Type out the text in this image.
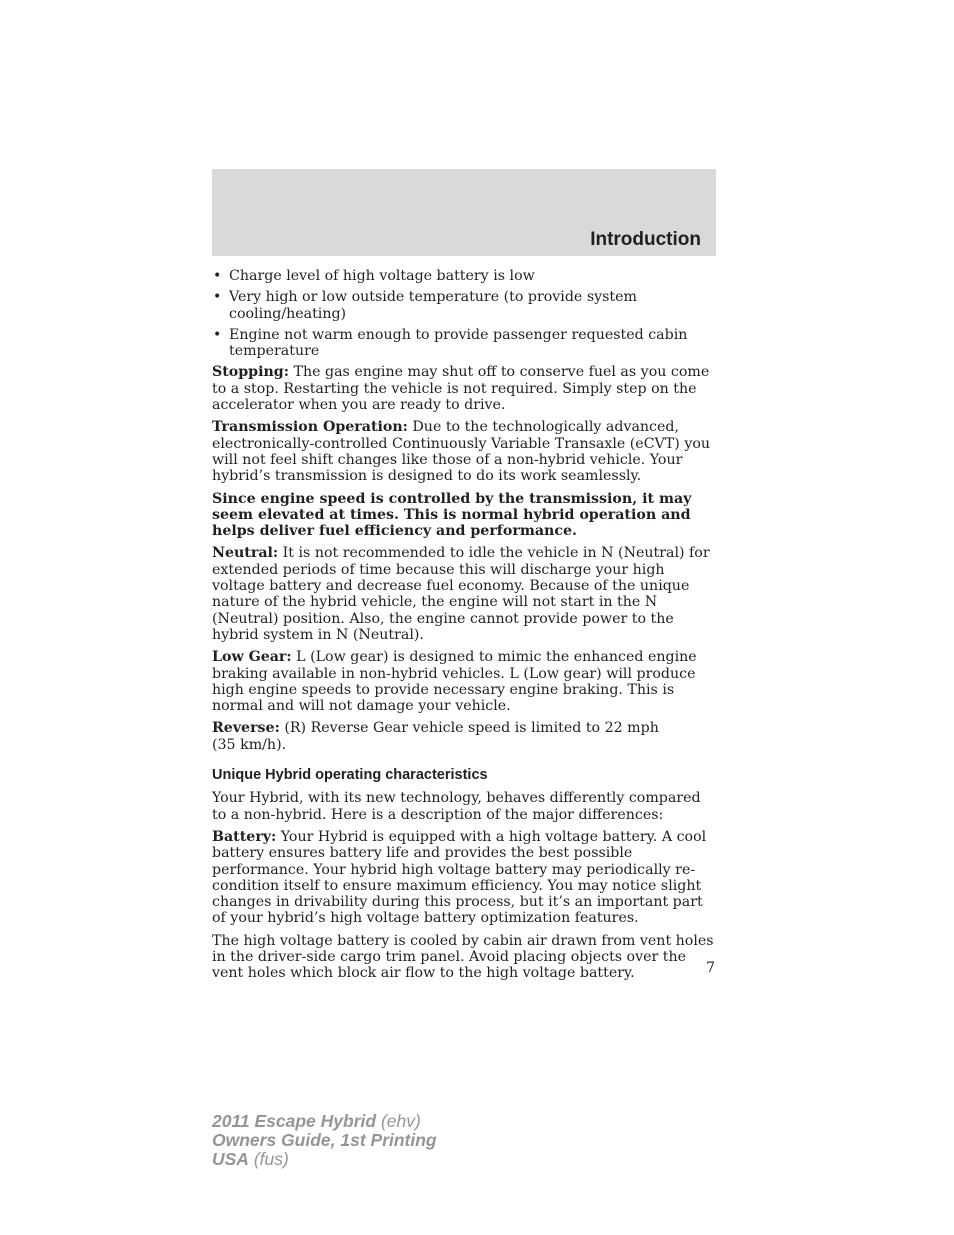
Introduction
• Charge level of high voltage battery is low
• Very high or low outside temperature (to provide system cooling/heating)
• Engine not warm enough to provide passenger requested cabin temperature

Stopping: The gas engine may shut off to conserve fuel as you come to a stop. Restarting the vehicle is not required. Simply step on the accelerator when you are ready to drive.

Transmission Operation: Due to the technologically advanced, electronically-controlled Continuously Variable Transaxle (eCVT) you will not feel shift changes like those of a non-hybrid vehicle. Your hybrid’s transmission is designed to do its work seamlessly.

Since engine speed is controlled by the transmission, it may seem elevated at times. This is normal hybrid operation and helps deliver fuel efficiency and performance.

Neutral: It is not recommended to idle the vehicle in N (Neutral) for extended periods of time because this will discharge your high voltage battery and decrease fuel economy. Because of the unique nature of the hybrid vehicle, the engine will not start in the N (Neutral) position. Also, the engine cannot provide power to the hybrid system in N (Neutral).

Low Gear: L (Low gear) is designed to mimic the enhanced engine braking available in non-hybrid vehicles. L (Low gear) will produce high engine speeds to provide necessary engine braking. This is normal and will not damage your vehicle.

Reverse: (R) Reverse Gear vehicle speed is limited to 22 mph
(35 km/h).

Unique Hybrid operating characteristics

Your Hybrid, with its new technology, behaves differently compared to a non-hybrid. Here is a description of the major differences:

Battery: Your Hybrid is equipped with a high voltage battery. A cool battery ensures battery life and provides the best possible performance. Your hybrid high voltage battery may periodically re-condition itself to ensure maximum efficiency. You may notice slight changes in drivability during this process, but it’s an important part of your hybrid’s high voltage battery optimization features.

The high voltage battery is cooled by cabin air drawn from vent holes in the driver-side cargo trim panel. Avoid placing objects over the vent holes which block air flow to the high voltage battery.	7
2011 Escape Hybrid (ehv)
Owners Guide, 1st Printing
USA (fus)
